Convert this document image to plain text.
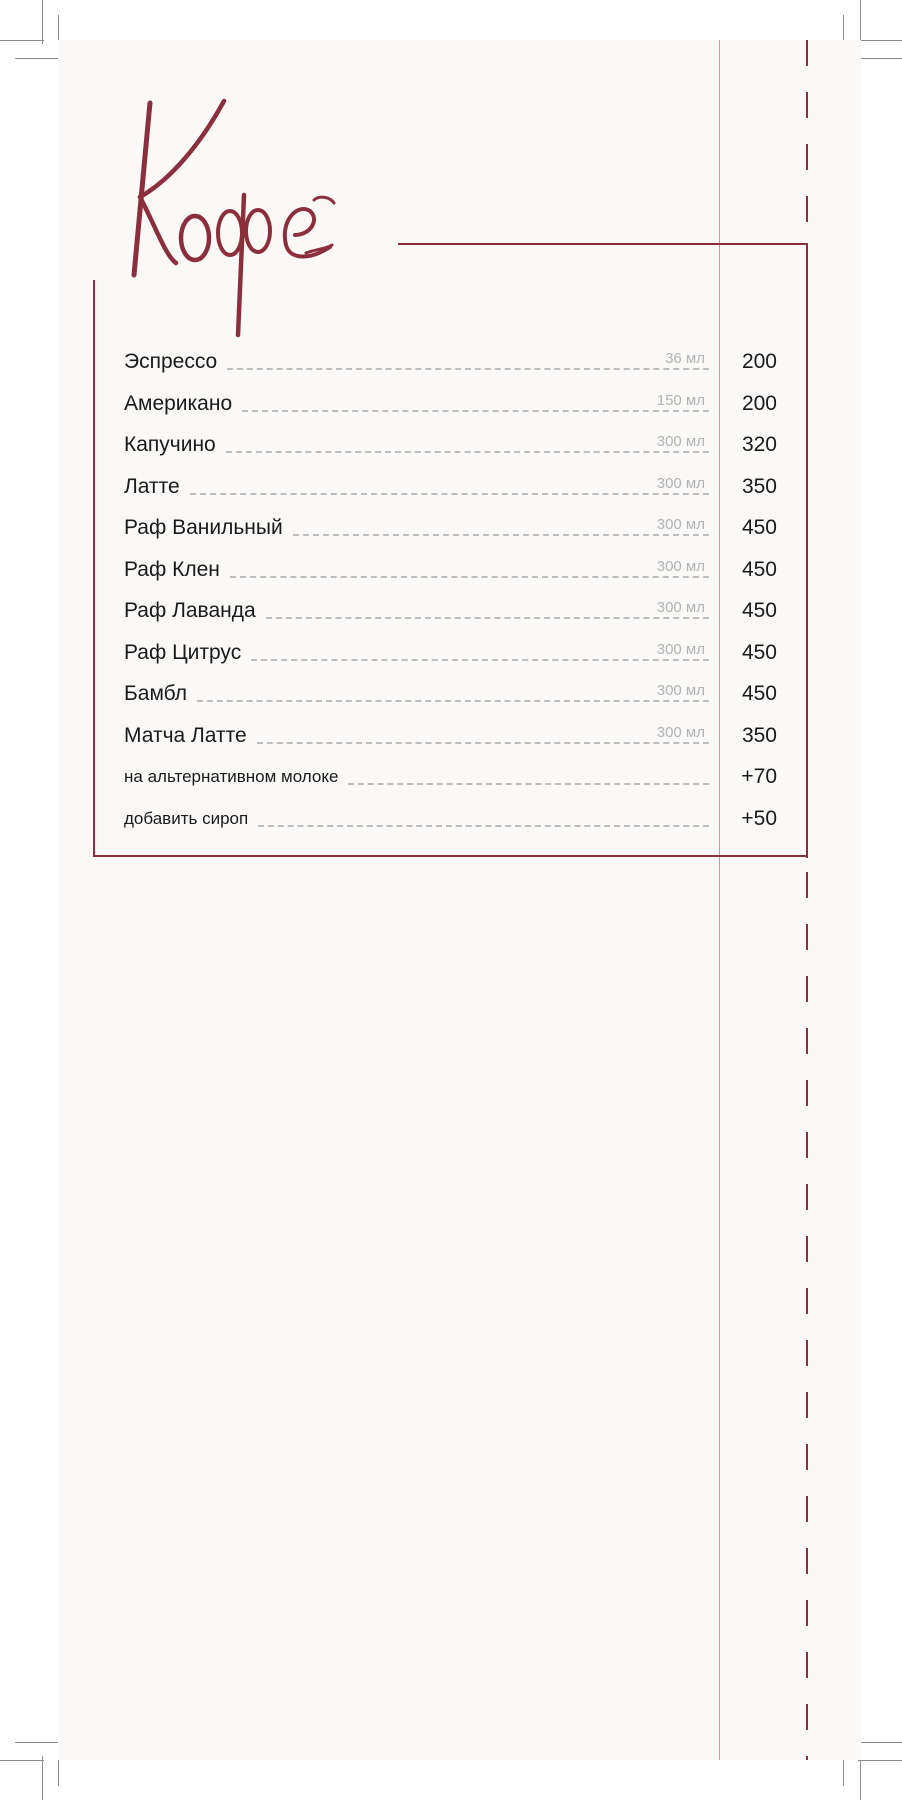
Эспрессо	36 мл	200
Американо	150 мл	200
Капучино	300 мл	320
Латте	300 мл	350
Раф Ванильный	300 мл	450
Раф Клен	300 мл	450
Раф Лаванда	300 мл	450
Раф Цитрус	300 мл	450
Бамбл	300 мл	450
Матча Латте	300 мл	350
на альтернативном молоке	+70
добавить сироп	+50
